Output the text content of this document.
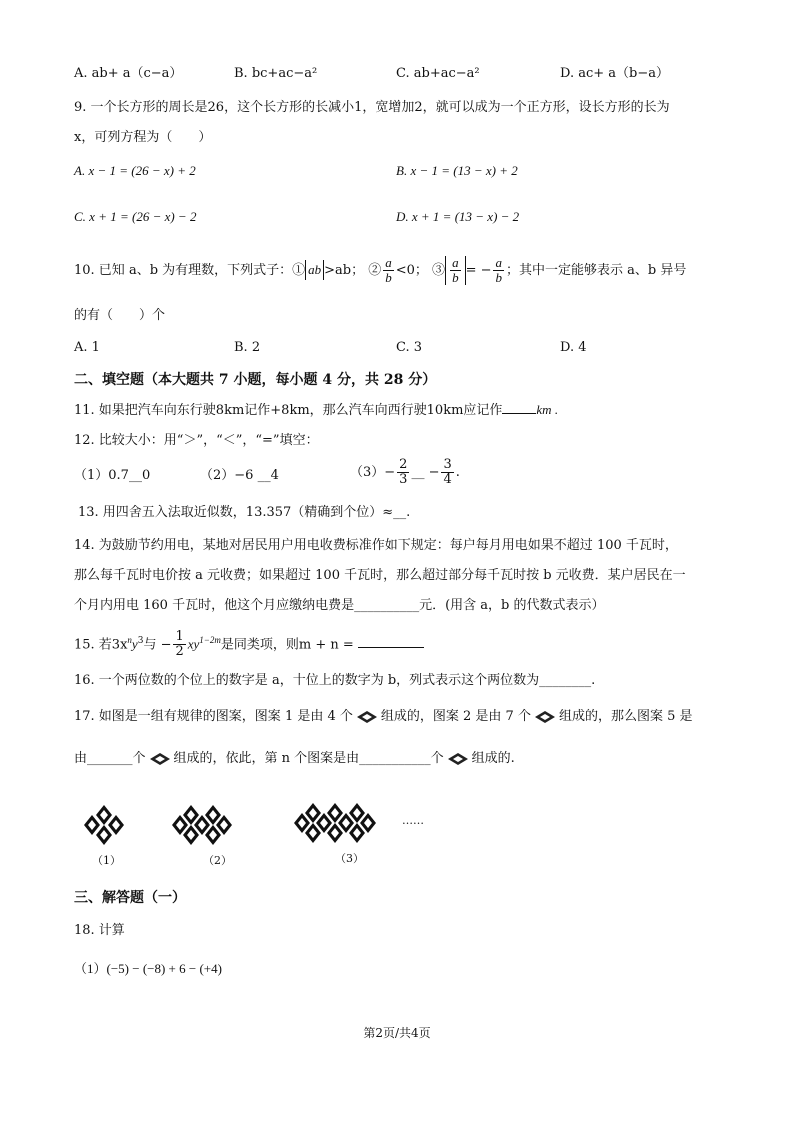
A. ab+ a（c−a）	B. bc+ac−a²	C. ab+ac−a²	D. ac+ a（b−a）
9. 一个长方形的周长是26，这个长方形的长减小1，宽增加2，就可以成为一个正方形，设长方形的长为
x，可列方程为（　　）
A. x − 1 = (26 − x) + 2	B. x − 1 = (13 − x) + 2
C. x + 1 = (26 − x) − 2	D. x + 1 = (13 − x) − 2
10. 已知 a、b 为有理数，下列式子：① ab >ab； ② $\frac{a}{b} <0$； ③ $\frac{a}{b}$ = − $\frac{a}{b}$ ；其中一定能够表示 a、b 异号
的有（　　）个
A. 1	B. 2	C. 3	D. 4
二、填空题（本大题共 7 小题，每小题 4 分，共 28 分）
11. 如果把汽车向东行驶8km记作+8km，那么汽车向西行驶10km应记作	km .
12. 比较大小：用“＞”，“＜”，“=”填空：
（1）0.7__0	（2）−6 __4	$(3)- \frac{2}{3}$ __ − $\frac{3}{4}$ .
13. 用四舍五入法取近似数，13.357（精确到个位）≈__.
14. 为鼓励节约用电，某地对居民用户用电收费标准作如下规定：每户每月用电如果不超过 100 千瓦时，
那么每千瓦时电价按 a 元收费；如果超过 100 千瓦时，那么超过部分每千瓦时按 b 元收费．某户居民在一
个月内用电 160 千瓦时，他这个月应缴纳电费是__________元．(用含 a，b 的代数式表示）
15. 若$3x^ny^3$与 − $\frac{1}{2} xy^{1-2m}$是同类项，则m + n =
16. 一个两位数的个位上的数字是 a，十位上的数字为 b，列式表示这个两位数为________.
17. 如图是一组有规律的图案，图案 1 是由 4 个 组成的，图案 2 是由 7 个 组成的，那么图案 5 是
由_______个 组成的，依此，第 n 个图案是由___________个 组成的.
（1）	（2）	（3）
……
三、解答题（一）
18. 计算
（1）(−5) − (−8) + 6 − (+4)
第2页/共4页
